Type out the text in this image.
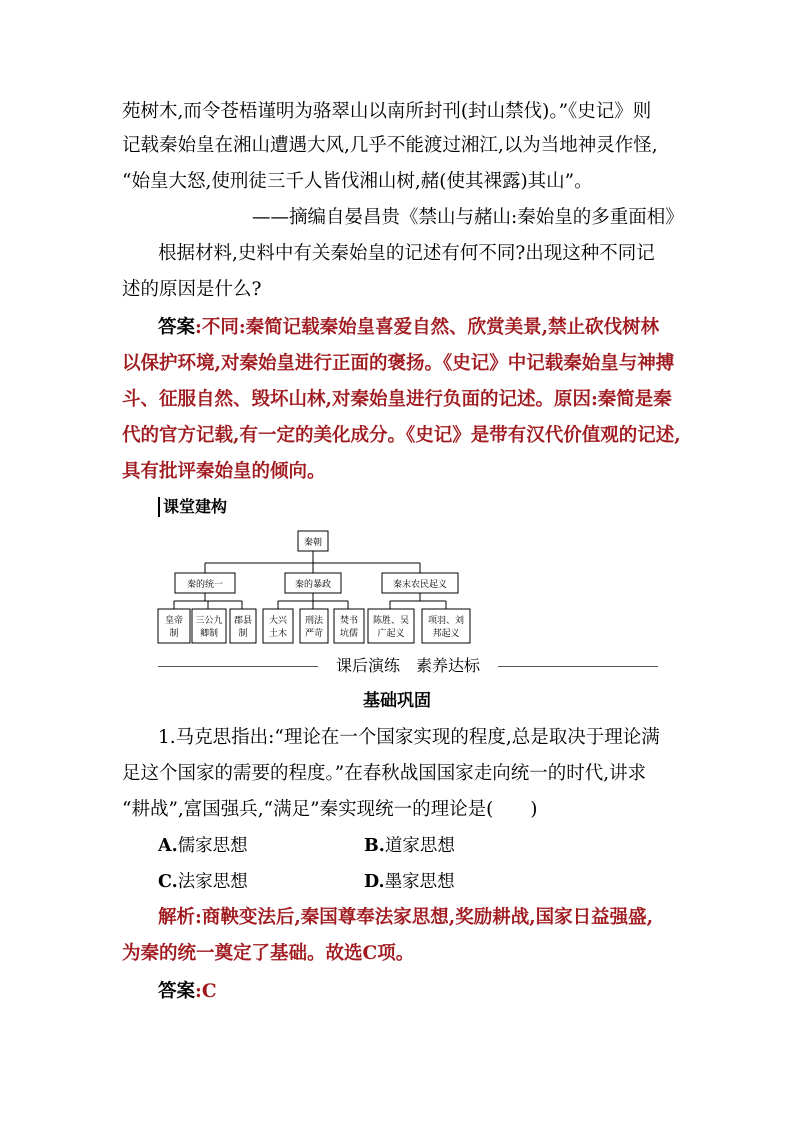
苑树木,而令苍梧谨明为骆翠山以南所封刊(封山禁伐)。”《史记》则
记载秦始皇在湘山遭遇大风,几乎不能渡过湘江,以为当地神灵作怪,
“始皇大怒,使刑徒三千人皆伐湘山树,赭(使其裸露)其山”。
——摘编自晏昌贵《禁山与赭山:秦始皇的多重面相》
根据材料,史料中有关秦始皇的记述有何不同?出现这种不同记
述的原因是什么?
答案:不同:秦简记载秦始皇喜爱自然、欣赏美景,禁止砍伐树林
以保护环境,对秦始皇进行正面的褒扬。《史记》中记载秦始皇与神搏
斗、征服自然、毁坏山林,对秦始皇进行负面的记述。原因:秦简是秦
代的官方记载,有一定的美化成分。《史记》是带有汉代价值观的记述,
具有批评秦始皇的倾向。
课堂建构
秦朝
秦的统一	秦的暴政	秦末农民起义
皇帝
制
三公九
卿制
郡县
制
大兴
土木
刑法
严苛
焚书
坑儒
陈胜、吴
广起义
项羽、刘
邦起义
课后演练　素养达标
基础巩固
1.马克思指出:“理论在一个国家实现的程度,总是取决于理论满
足这个国家的需要的程度。”在春秋战国国家走向统一的时代,讲求
“耕战”,富国强兵,“满足”秦实现统一的理论是(　　)
A.儒家思想	B.道家思想
C.法家思想	D.墨家思想
解析:商鞅变法后,秦国尊奉法家思想,奖励耕战,国家日益强盛,
为秦的统一奠定了基础。故选C项。
答案:C
